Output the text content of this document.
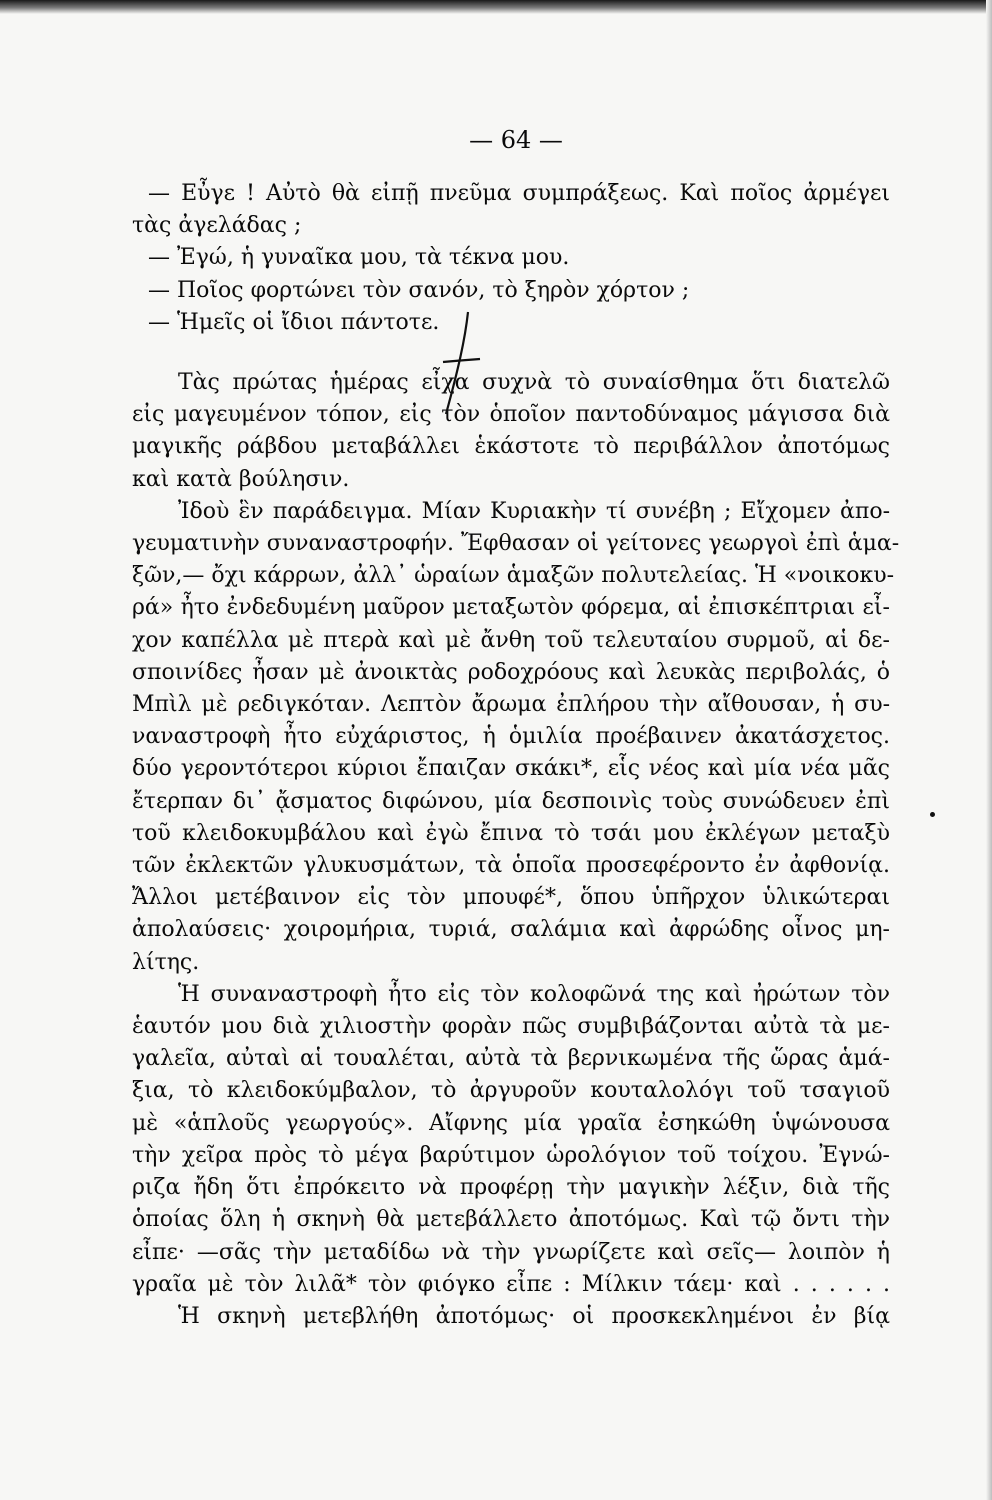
— 64 —
— Εὖγε ! Αὐτὸ θὰ εἰπῇ πνεῦμα συμπράξεως. Καὶ ποῖος ἀρμέγει
τὰς ἀγελάδας ;
— Ἐγώ, ἡ γυναῖκα μου, τὰ τέκνα μου.
— Ποῖος φορτώνει τὸν σανόν, τὸ ξηρὸν χόρτον ;
— Ἡμεῖς οἱ ἴδιοι πάντοτε.
Τὰς πρώτας ἡμέρας εἶχα συχνὰ τὸ συναίσθημα ὅτι διατελῶ
εἰς μαγευμένον τόπον, εἰς τὸν ὁποῖον παντοδύναμος μάγισσα διὰ
μαγικῆς ράβδου μεταβάλλει ἑκάστοτε τὸ περιβάλλον ἀποτόμως
καὶ κατὰ βούλησιν.
Ἰδοὺ ἓν παράδειγμα. Μίαν Κυριακὴν τί συνέβη ; Εἴχομεν ἀπο-
γευματινὴν συναναστροφήν. Ἔφθασαν οἱ γείτονες γεωργοὶ ἐπὶ ἁμα-
ξῶν,— ὄχι κάρρων, ἀλλ᾽ ὡραίων ἁμαξῶν πολυτελείας. Ἡ «νοικοκυ-
ρά» ἦτο ἐνδεδυμένη μαῦρον μεταξωτὸν φόρεμα, αἱ ἐπισκέπτριαι εἶ-
χον καπέλλα μὲ πτερὰ καὶ μὲ ἄνθη τοῦ τελευταίου συρμοῦ, αἱ δε-
σποινίδες ἦσαν μὲ ἀνοικτὰς ροδοχρόους καὶ λευκὰς περιβολάς, ὁ
Μπὶλ μὲ ρεδιγκόταν. Λεπτὸν ἄρωμα ἐπλήρου τὴν αἴθουσαν, ἡ συ-
ναναστροφὴ ἦτο εὐχάριστος, ἡ ὁμιλία προέβαινεν ἀκατάσχετος.
δύο γεροντότεροι κύριοι ἔπαιζαν σκάκι*, εἷς νέος καὶ μία νέα μᾶς
ἔτερπαν δι᾽ ᾄσματος διφώνου, μία δεσποινὶς τοὺς συνώδευεν ἐπὶ
τοῦ κλειδοκυμβάλου καὶ ἐγὼ ἔπινα τὸ τσάι μου ἐκλέγων μεταξὺ
τῶν ἐκλεκτῶν γλυκυσμάτων, τὰ ὁποῖα προσεφέροντο ἐν ἀφθονίᾳ.
Ἄλλοι μετέβαινον εἰς τὸν μπουφέ*, ὅπου ὑπῆρχον ὑλικώτεραι
ἀπολαύσεις· χοιρομήρια, τυριά, σαλάμια καὶ ἀφρώδης οἶνος μη-
λίτης.
Ἡ συναναστροφὴ ἦτο εἰς τὸν κολοφῶνά της καὶ ἠρώτων τὸν
ἑαυτόν μου διὰ χιλιοστὴν φορὰν πῶς συμβιβάζονται αὐτὰ τὰ με-
γαλεῖα, αὐταὶ αἱ τουαλέται, αὐτὰ τὰ βερνικωμένα τῆς ὥρας ἁμά-
ξια, τὸ κλειδοκύμβαλον, τὸ ἀργυροῦν κουταλολόγι τοῦ τσαγιοῦ
μὲ «ἁπλοῦς γεωργούς». Αἴφνης μία γραῖα ἐσηκώθη ὑψώνουσα
τὴν χεῖρα πρὸς τὸ μέγα βαρύτιμον ὡρολόγιον τοῦ τοίχου. Ἐγνώ-
ριζα ἤδη ὅτι ἐπρόκειτο νὰ προφέρῃ τὴν μαγικὴν λέξιν, διὰ τῆς
ὁποίας ὅλη ἡ σκηνὴ θὰ μετεβάλλετο ἀποτόμως. Καὶ τῷ ὄντι τὴν
εἶπε· —σᾶς τὴν μεταδίδω νὰ τὴν γνωρίζετε καὶ σεῖς— λοιπὸν ἡ
γραῖα μὲ τὸν λιλᾶ* τὸν φιόγκο εἶπε : Μίλκιν τάεμ· καὶ . . . . . .
Ἡ σκηνὴ μετεβλήθη ἀποτόμως· οἱ προσκεκλημένοι ἐν βίᾳ
